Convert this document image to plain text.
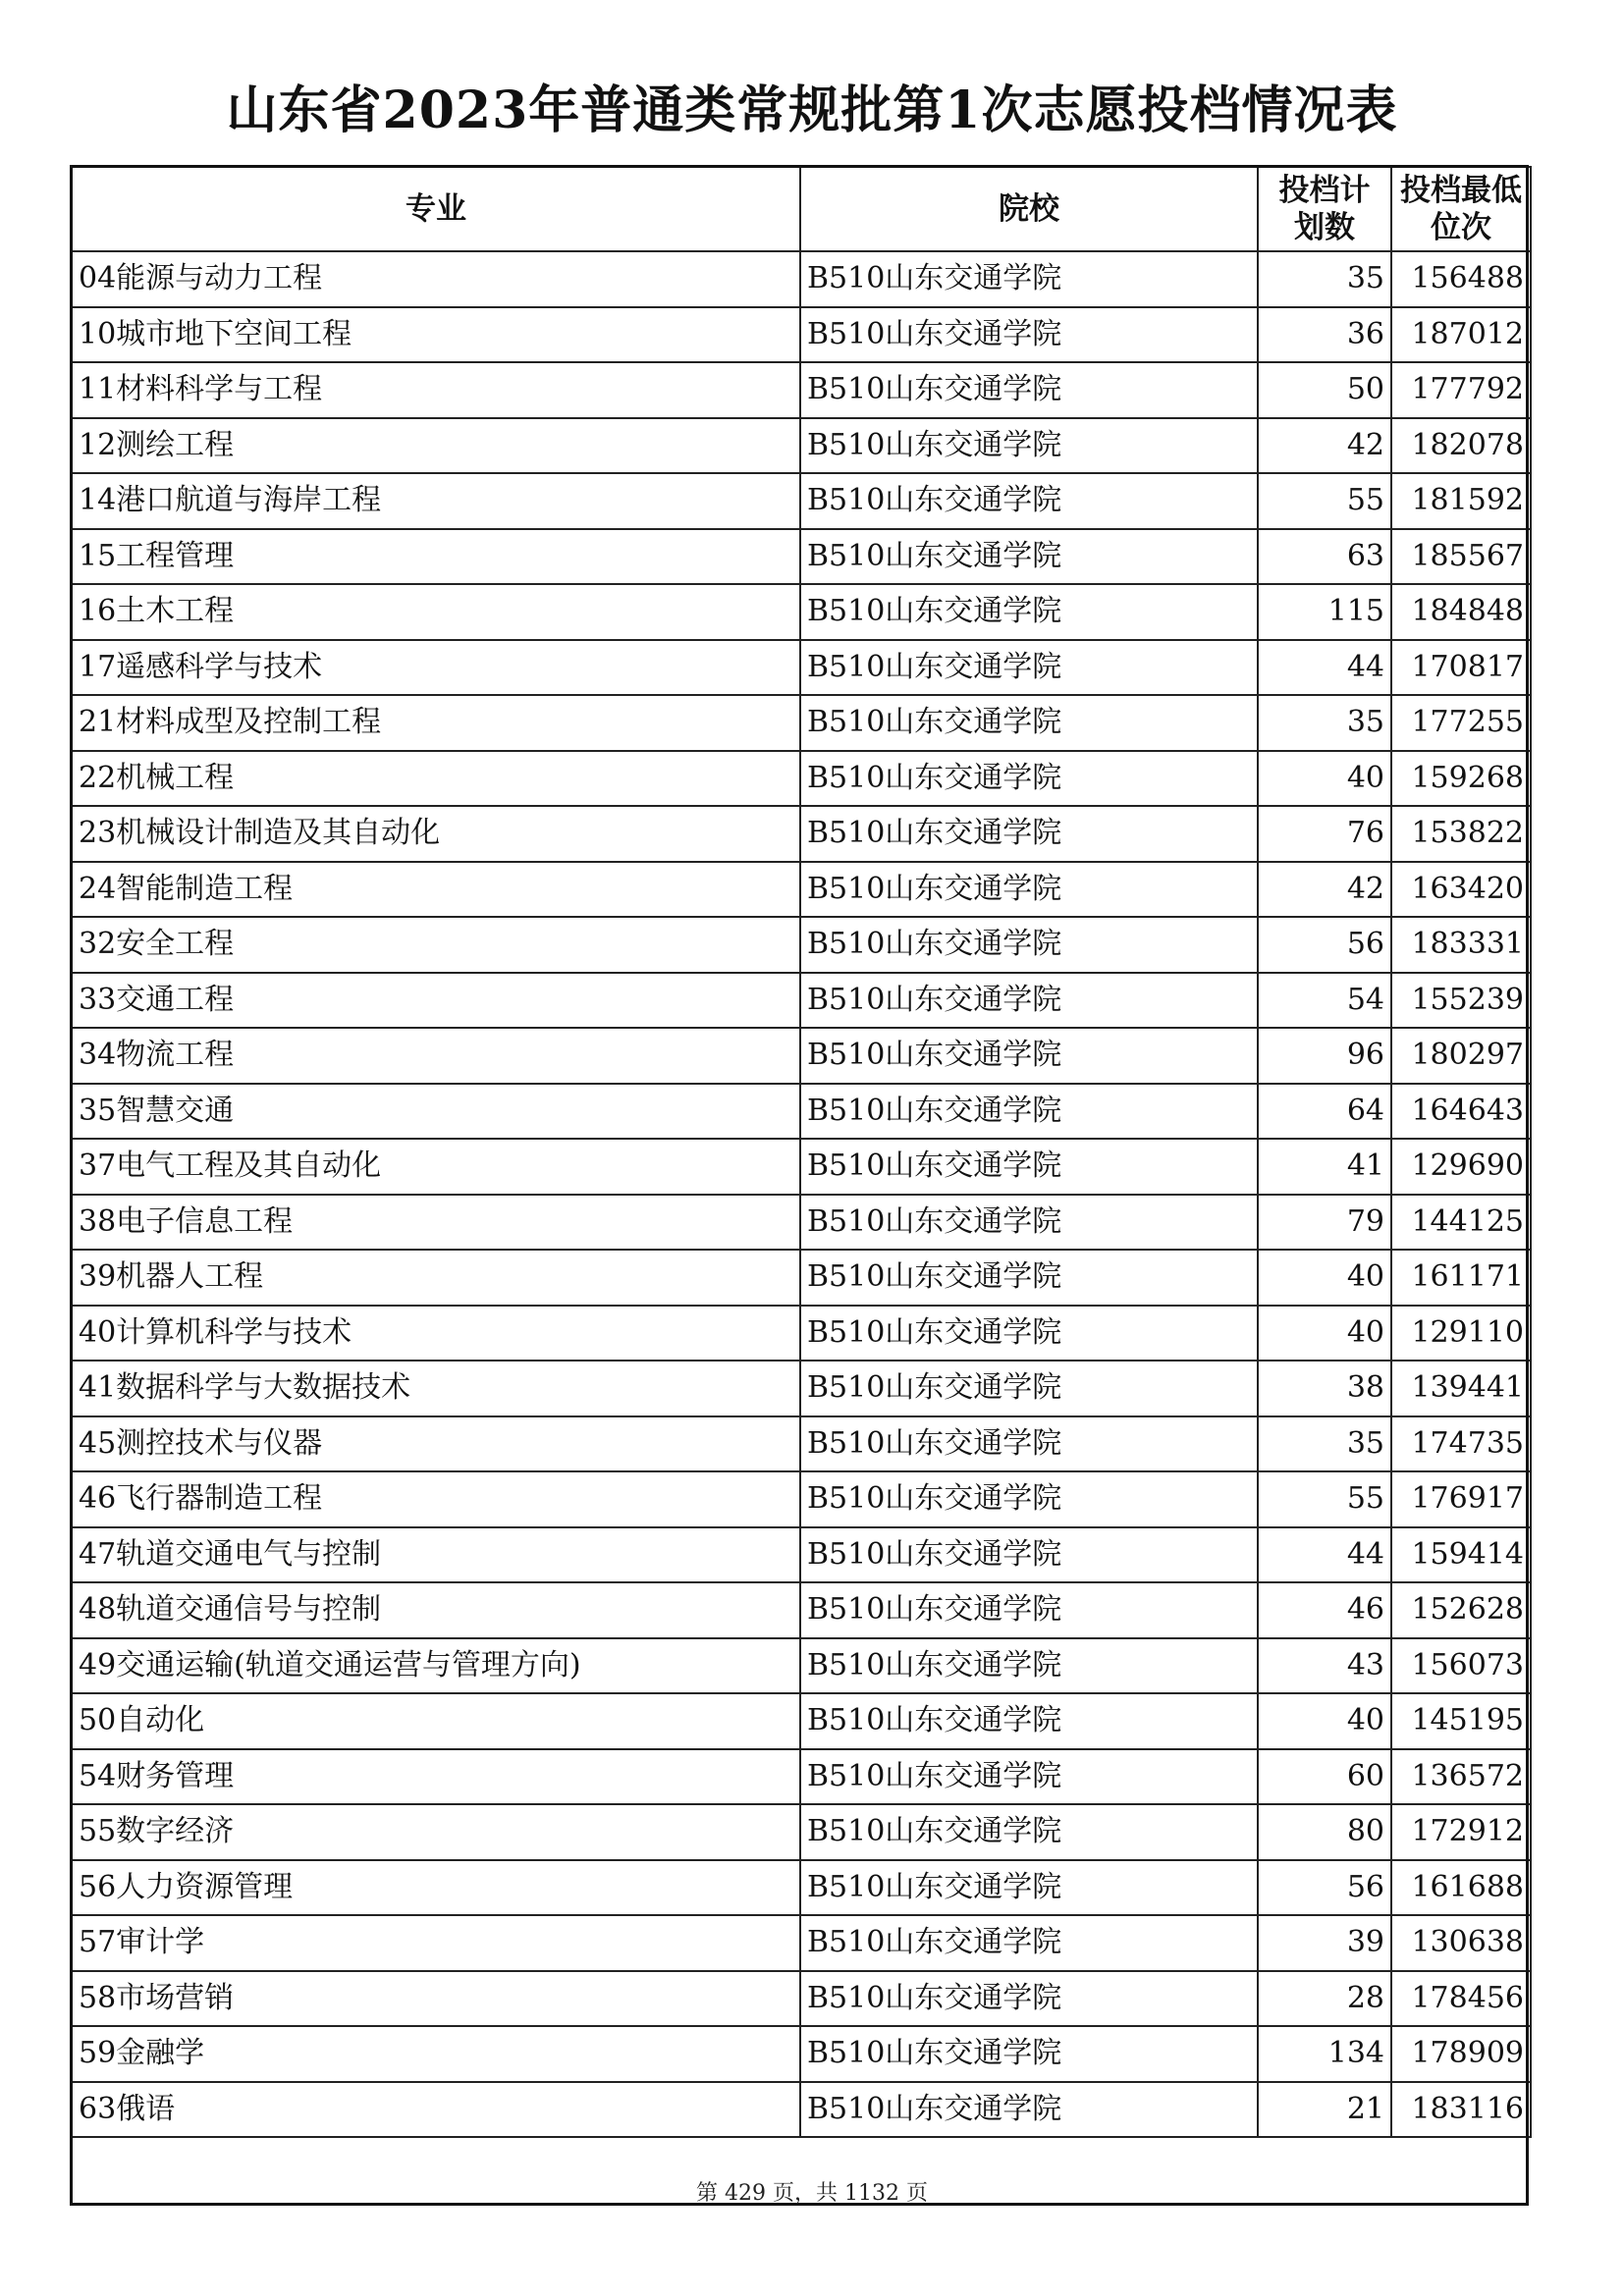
山东省2023年普通类常规批第1次志愿投档情况表
专业	院校	投档计划数	投档最低位次
04能源与动力工程	B510山东交通学院	35	156488
10城市地下空间工程	B510山东交通学院	36	187012
11材料科学与工程	B510山东交通学院	50	177792
12测绘工程	B510山东交通学院	42	182078
14港口航道与海岸工程	B510山东交通学院	55	181592
15工程管理	B510山东交通学院	63	185567
16土木工程	B510山东交通学院	115	184848
17遥感科学与技术	B510山东交通学院	44	170817
21材料成型及控制工程	B510山东交通学院	35	177255
22机械工程	B510山东交通学院	40	159268
23机械设计制造及其自动化	B510山东交通学院	76	153822
24智能制造工程	B510山东交通学院	42	163420
32安全工程	B510山东交通学院	56	183331
33交通工程	B510山东交通学院	54	155239
34物流工程	B510山东交通学院	96	180297
35智慧交通	B510山东交通学院	64	164643
37电气工程及其自动化	B510山东交通学院	41	129690
38电子信息工程	B510山东交通学院	79	144125
39机器人工程	B510山东交通学院	40	161171
40计算机科学与技术	B510山东交通学院	40	129110
41数据科学与大数据技术	B510山东交通学院	38	139441
45测控技术与仪器	B510山东交通学院	35	174735
46飞行器制造工程	B510山东交通学院	55	176917
47轨道交通电气与控制	B510山东交通学院	44	159414
48轨道交通信号与控制	B510山东交通学院	46	152628
49交通运输(轨道交通运营与管理方向)	B510山东交通学院	43	156073
50自动化	B510山东交通学院	40	145195
54财务管理	B510山东交通学院	60	136572
55数字经济	B510山东交通学院	80	172912
56人力资源管理	B510山东交通学院	56	161688
57审计学	B510山东交通学院	39	130638
58市场营销	B510山东交通学院	28	178456
59金融学	B510山东交通学院	134	178909
63俄语	B510山东交通学院	21	183116
第 429 页，共 1132 页
